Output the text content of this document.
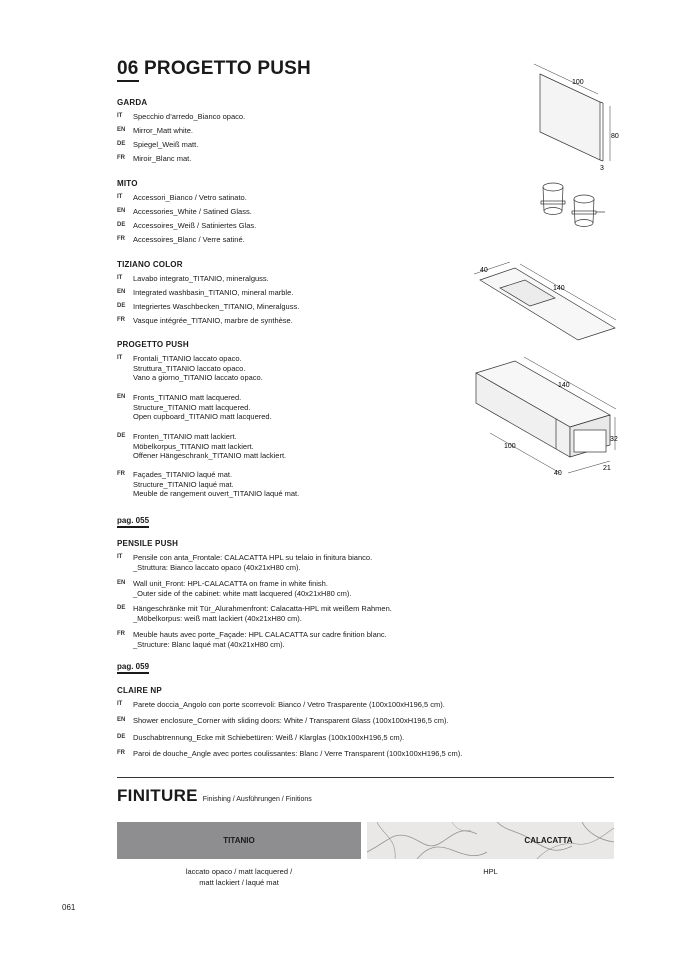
06 PROGETTO PUSH
GARDA
IT Specchio d’arredo_Bianco opaco.
EN Mirror_Matt white.
DE Spiegel_Weiß matt.
FR Miroir_Blanc mat.
MITO
IT Accessori_Bianco / Vetro satinato.
EN Accessories_White / Satined Glass.
DE Accessoires_Weiß / Satiniertes Glas.
FR Accessoires_Blanc / Verre satiné.
TIZIANO COLOR
IT Lavabo integrato_TITANIO, mineralguss.
EN Integrated washbasin_TITANIO, mineral marble.
DE Integriertes Waschbecken_TITANIO, Mineralguss.
FR Vasque intégrée_TITANIO, marbre de synthèse.
PROGETTO PUSH
IT Frontali_TITANIO laccato opaco.
Struttura_TITANIO laccato opaco.
Vano a giorno_TITANIO laccato opaco.
EN Fronts_TITANIO matt lacquered.
Structure_TITANIO matt lacquered.
Open cupboard_TITANIO matt lacquered.
DE Fronten_TITANIO matt lackiert.
Möbelkorpus_TITANIO matt lackiert.
Offener Hängeschrank_TITANIO matt lackiert.
FR Façades_TITANIO laqué mat.
Structure_TITANIO laqué mat.
Meuble de rangement ouvert_TITANIO laqué mat.
pag. 055
PENSILE PUSH
IT Pensile con anta_Frontale: CALACATTA HPL su telaio in finitura bianco.
_Struttura: Bianco laccato opaco (40x21xH80 cm).
EN Wall unit_Front: HPL-CALACATTA on frame in white finish.
_Outer side of the cabinet: white matt lacquered (40x21xH80 cm).
DE Hängeschränke mit Tür_Alurahmenfront: Calacatta-HPL mit weißem Rahmen.
_Möbelkorpus: weiß matt lackiert (40x21xH80 cm).
FR Meuble hauts avec porte_Façade: HPL CALACATTA sur cadre finition blanc.
_Structure: Blanc laqué mat (40x21xH80 cm).
pag. 059
CLAIRE NP
IT Parete doccia_Angolo con porte scorrevoli: Bianco / Vetro Trasparente (100x100xH196,5 cm).
EN Shower enclosure_Corner with sliding doors: White / Transparent Glass (100x100xH196,5 cm).
DE Duschabtrennung_Ecke mit Schiebetüren: Weiß / Klarglas (100x100xH196,5 cm).
FR Paroi de douche_Angle avec portes coulissantes: Blanc / Verre Transparent (100x100xH196,5 cm).
100
80
3
40
140
140
32
21
100
40
FINITURE Finishing / Ausführungen / Finitions
TITANIO	CALACATTA
laccato opaco / matt lacquered /
matt lackiert / laqué mat
HPL
061
